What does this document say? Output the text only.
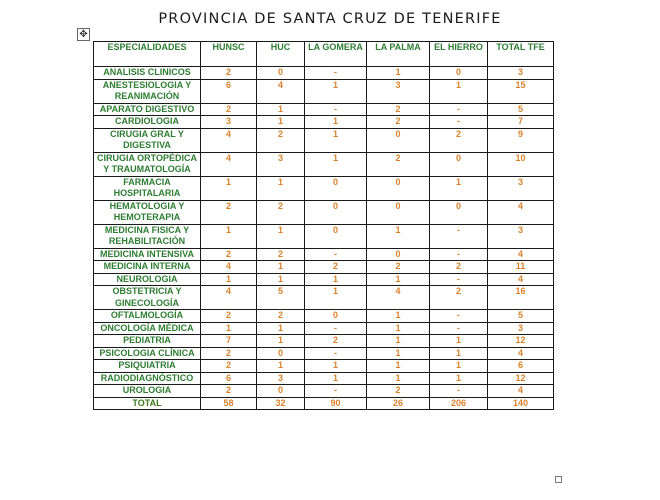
PROVINCIA DE SANTA CRUZ DE TENERIFE
✥
ESPECIALIDADES	HUNSC	HUC	LA GOMERA	LA PALMA	EL HIERRO	TOTAL TFE
ANALISIS CLINICOS	2	0	-	1	0	3
ANESTESIOLOGIA Y REANIMACIÓN	6	4	1	3	1	15
APARATO DIGESTIVO	2	1	-	2	-	5
CARDIOLOGIA	3	1	1	2	-	7
CIRUGIA GRAL Y DIGESTIVA	4	2	1	0	2	9
CIRUGIA ORTOPÉDICA Y TRAUMATOLOGÍA	4	3	1	2	0	10
FARMACIA HOSPITALARIA	1	1	0	0	1	3
HEMATOLOGIA Y HEMOTERAPIA	2	2	0	0	0	4
MEDICINA FISICA Y REHABILITACIÓN	1	1	0	1	-	3
MEDICINA INTENSIVA	2	2	-	0	-	4
MEDICINA INTERNA	4	1	2	2	2	11
NEUROLOGIA	1	1	1	1	-	4
OBSTETRICIA Y GINECOLOGÍA	4	5	1	4	2	16
OFTALMOLOGÍA	2	2	0	1	-	5
ONCOLOGÍA MÉDICA	1	1	-	1	-	3
PEDIATRIA	7	1	2	1	1	12
PSICOLOGIA CLÍNICA	2	0	-	1	1	4
PSIQUIATRIA	2	1	1	1	1	6
RADIODIAGNÓSTICO	6	3	1	1	1	12
UROLOGIA	2	0	-	2	-	4
TOTAL	58	32	90	26	206	140
